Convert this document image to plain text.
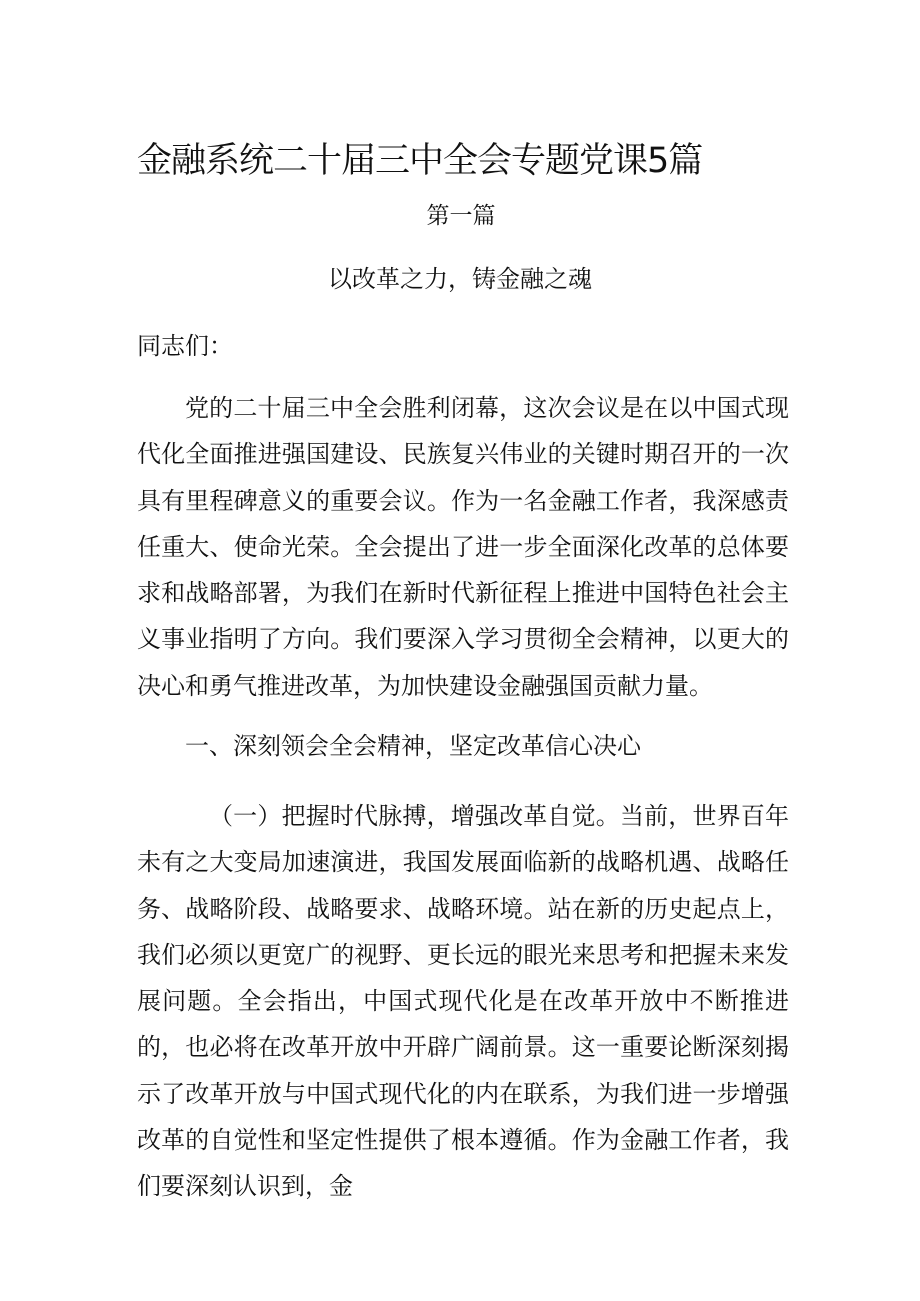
金融系统二十届三中全会专题党课5篇
第一篇
以改革之力，铸金融之魂

同志们：

党的二十届三中全会胜利闭幕，这次会议是在以中国式现代化全面推进强国建设、民族复兴伟业的关键时期召开的一次具有里程碑意义的重要会议。作为一名金融工作者，我深感责任重大、使命光荣。全会提出了进一步全面深化改革的总体要求和战略部署，为我们在新时代新征程上推进中国特色社会主义事业指明了方向。我们要深入学习贯彻全会精神，以更大的决心和勇气推进改革，为加快建设金融强国贡献力量。

一、深刻领会全会精神，坚定改革信心决心

（一）把握时代脉搏，增强改革自觉。当前，世界百年未有之大变局加速演进，我国发展面临新的战略机遇、战略任务、战略阶段、战略要求、战略环境。站在新的历史起点上，我们必须以更宽广的视野、更长远的眼光来思考和把握未来发展问题。全会指出，中国式现代化是在改革开放中不断推进的，也必将在改革开放中开辟广阔前景。这一重要论断深刻揭示了改革开放与中国式现代化的内在联系，为我们进一步增强改革的自觉性和坚定性提供了根本遵循。作为金融工作者，我们要深刻认识到，金
